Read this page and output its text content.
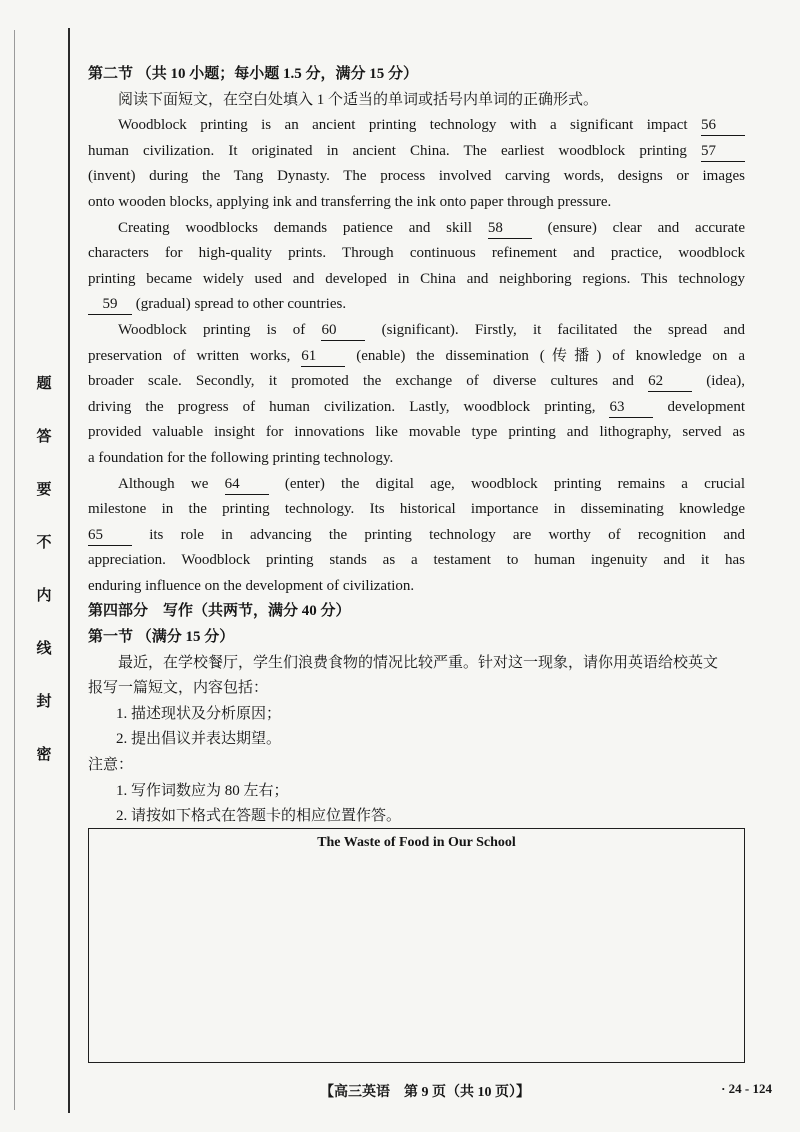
题
答
要
不
内
线
封
密
第二节 （共 10 小题；每小题 1.5 分，满分 15 分）
阅读下面短文，在空白处填入 1 个适当的单词或括号内单词的正确形式。
Woodblock printing is an ancient printing technology with a significant impact 56
human civilization. It originated in ancient China. The earliest woodblock printing 57
(invent) during the Tang Dynasty. The process involved carving words, designs or images
onto wooden blocks, applying ink and transferring the ink onto paper through pressure.
Creating woodblocks demands patience and skill 58	(ensure) clear and accurate
characters for high-quality prints. Through continuous refinement and practice, woodblock
printing became widely used and developed in China and neighboring regions. This technology
59 (gradual) spread to other countries.
Woodblock printing is of 60	(significant). Firstly, it facilitated the spread and
preservation of written works, 61	(enable) the dissemination (传播) of knowledge on a
broader scale. Secondly, it promoted the exchange of diverse cultures and 62	(idea),
driving the progress of human civilization. Lastly, woodblock printing, 63	development
provided valuable insight for innovations like movable type printing and lithography, served as
a foundation for the following printing technology.
Although we 64	(enter) the digital age, woodblock printing remains a crucial
milestone in the printing technology. Its historical importance in disseminating knowledge
65	its role in advancing the printing technology are worthy of recognition and
appreciation. Woodblock printing stands as a testament to human ingenuity and it has
enduring influence on the development of civilization.
第四部分　写作（共两节，满分 40 分）
第一节 （满分 15 分）
最近，在学校餐厅，学生们浪费食物的情况比较严重。针对这一现象，请你用英语给校英文
报写一篇短文，内容包括：
1. 描述现状及分析原因；
2. 提出倡议并表达期望。
注意：
1. 写作词数应为 80 左右；
2. 请按如下格式在答题卡的相应位置作答。
The Waste of Food in Our School
【高三英语　第 9 页（共 10 页）】	· 24 - 124
